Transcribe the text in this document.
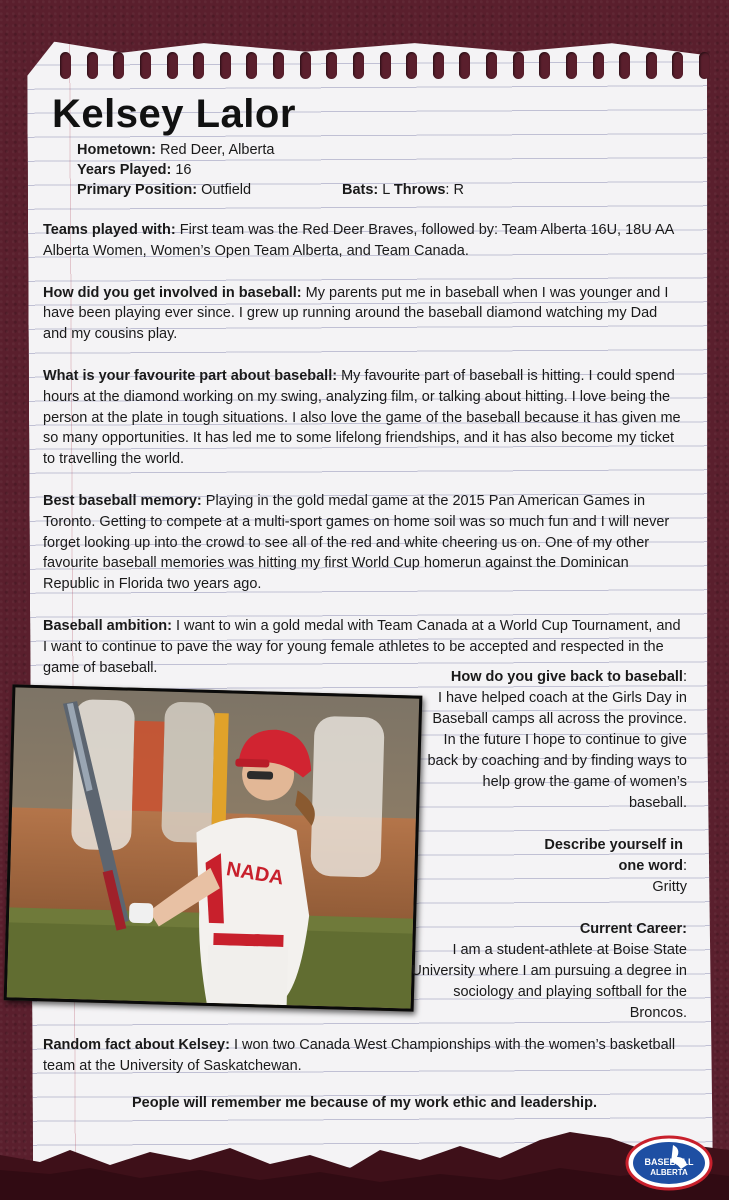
Kelsey Lalor
Hometown: Red Deer, Alberta
Years Played: 16
Primary Position: Outfield	Bats: L Throws: R

Teams played with: First team was the Red Deer Braves, followed by: Team Alberta 16U, 18U AA Alberta Women, Women’s Open Team Alberta, and Team Canada.

How did you get involved in baseball: My parents put me in baseball when I was younger and I have been playing ever since. I grew up running around the baseball diamond watching my Dad and my cousins play.

What is your favourite part about baseball: My favourite part of baseball is hitting. I could spend hours at the diamond working on my swing, analyzing film, or talking about hitting. I love being the person at the plate in tough situations. I also love the game of the baseball because it has given me so many opportunities. It has led me to some lifelong friendships, and it has also become my ticket to travelling the world.

Best baseball memory: Playing in the gold medal game at the 2015 Pan American Games in Toronto. Getting to compete at a multi-sport games on home soil was so much fun and I will never forget looking up into the crowd to see all of the red and white cheering us on. One of my other favourite baseball memories was hitting my first World Cup homerun against the Dominican Republic in Florida two years ago.

Baseball ambition: I want to win a gold medal with Team Canada at a World Cup Tournament, and I want to continue to pave the way for young female athletes to be accepted and respected in the game of baseball.

NADA
How do you give back to baseball:
I have helped coach at the Girls Day in Baseball camps all across the province. In the future I hope to continue to give back by coaching and by finding ways to help grow the game of women’s baseball.
Describe yourself in one word:
Gritty
Current Career:
I am a student-athlete at Boise State University where I am pursuing a degree in sociology and playing softball for the Broncos.
Random fact about Kelsey: I won two Canada West Championships with the women’s basketball team at the University of Saskatchewan.
People will remember me because of my work ethic and leadership.
BASEBALL
ALBERTA
